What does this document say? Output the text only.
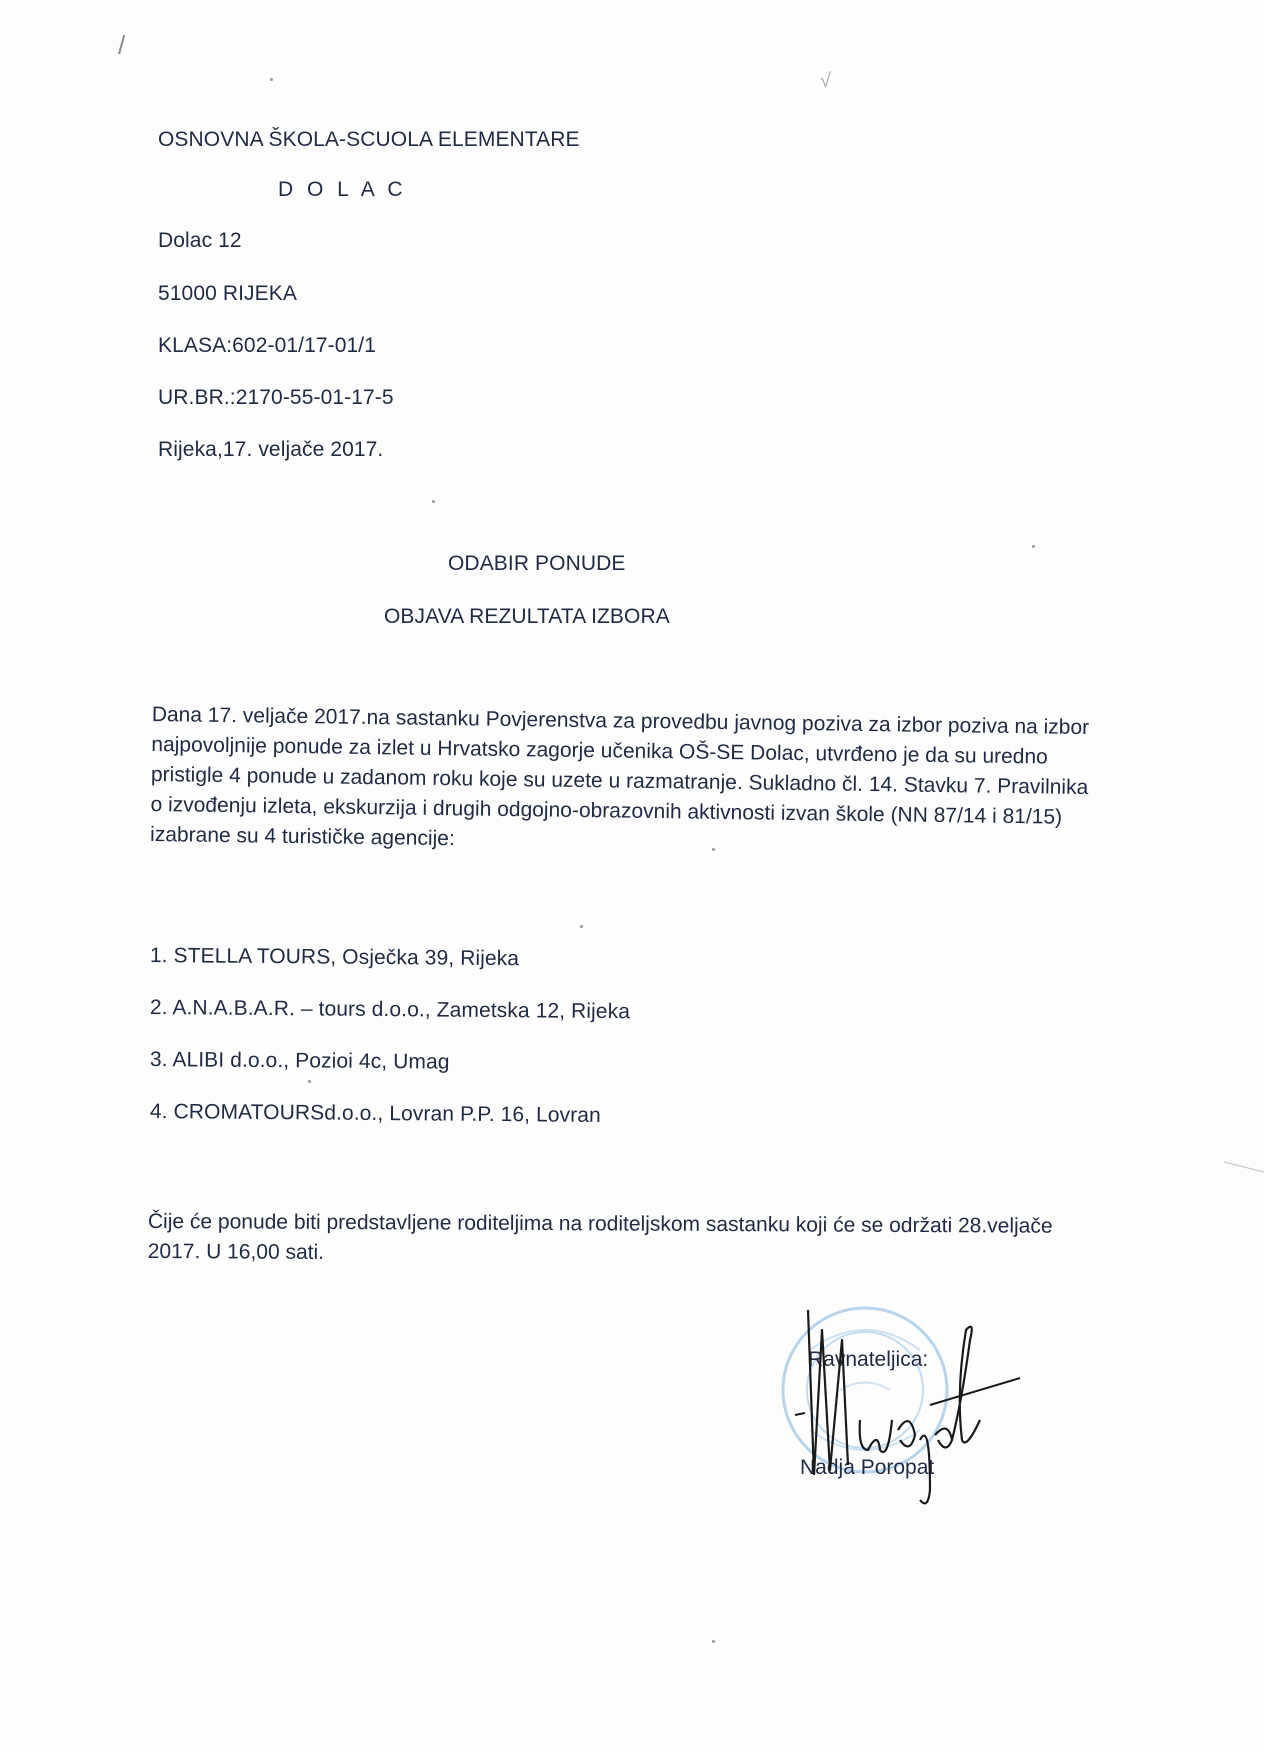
/
√
OSNOVNA ŠKOLA-SCUOLA ELEMENTARE
D O L A C
Dolac 12
51000 RIJEKA
KLASA:602-01/17-01/1
UR.BR.:2170-55-01-17-5
Rijeka,17. veljače 2017.
ODABIR PONUDE
OBJAVA REZULTATA IZBORA
Dana 17. veljače 2017.na sastanku Povjerenstva za provedbu javnog poziva za izbor poziva na izbor
najpovoljnije ponude za izlet u Hrvatsko zagorje učenika OŠ-SE Dolac, utvrđeno je da su uredno
pristigle 4 ponude u zadanom roku koje su uzete u razmatranje. Sukladno čl. 14. Stavku 7. Pravilnika
o izvođenju izleta, ekskurzija i drugih odgojno-obrazovnih aktivnosti izvan škole (NN 87/14 i 81/15)
izabrane su 4 turističke agencije:
1. STELLA TOURS, Osječka 39, Rijeka
2. A.N.A.B.A.R. – tours d.o.o., Zametska 12, Rijeka
3. ALIBI d.o.o., Pozioi 4c, Umag
4. CROMATOURSd.o.o., Lovran P.P. 16, Lovran
Čije će ponude biti predstavljene roditeljima na roditeljskom sastanku koji će se održati 28.veljače
2017. U 16,00 sati.
Ravnateljica:
Nadja Poropat
